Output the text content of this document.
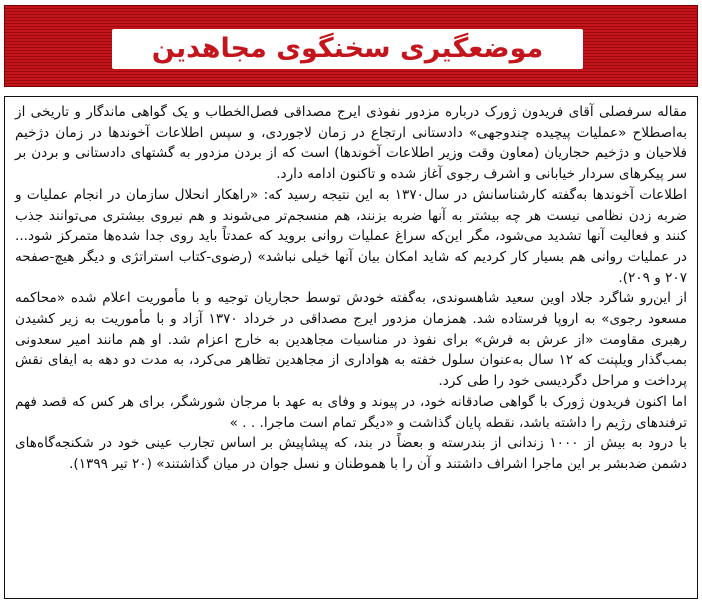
موضعگیری سخنگوی مجاهدین

مقاله سرفصلی آقای فریدون ژورک درباره مزدور نفوذی ایرج مصداقی فصل‌الخطاب و یک گواهی ماندگار و تاریخی از به‌اصطلاح «عملیات پیچیده چندوجهی» دادستانی ارتجاع در زمان لاجوردی، و سپس اطلاعات آخوندها در زمان دژخیم فلاحیان و دژخیم حجاریان (معاون وقت وزیر اطلاعات آخوندها) است که از بردن مزدور به گشتهای دادستانی و بردن بر سر پیکرهای سردار خیابانی و اشرف رجوی آغاز شده و تاکنون ادامه دارد.

اطلاعات آخوندها به‌گفته کارشناسانش در سال۱۳۷۰ به این نتیجه رسید که: «راهکار انحلال سازمان در انجام عملیات و ضربه زدن نظامی نیست هر چه بیشتر به آنها ضربه بزنند، هم منسجم‌تر می‌شوند و هم نیروی بیشتری می‌توانند جذب کنند و فعالیت آنها تشدید می‌شود، مگر این‌که سراغ عملیات روانی بروید که عمدتاً باید روی جدا شده‌ها متمرکز شود... در عملیات روانی هم بسیار کار کردیم که شاید امکان بیان آنها خیلی نباشد» (رضوی-کتاب استراتژی و دیگر هیچ-صفحه ۲۰۷ و ۲۰۹).

از این‌رو شاگرد جلاد اوین سعید شاهسوندی، به‌گفته خودش توسط حجاریان توجیه و با مأموریت اعلام شده «محاکمه مسعود رجوی» به اروپا فرستاده شد. همزمان مزدور ایرج مصداقی در خرداد ۱۳۷۰ آزاد و با مأموریت به زیر کشیدن رهبری مقاومت «از عرش به فرش» برای نفوذ در مناسبات مجاهدین به خارج اعزام شد. او هم مانند امیر سعدونی بمب‌گذار ویلپنت که ۱۲ سال به‌عنوان سلول خفته به هواداری از مجاهدین تظاهر می‌کرد، به مدت دو دهه به ایفای نقش پرداخت و مراحل دگردیسی خود را طی کرد.

اما اکنون فریدون ژورک با گواهی صادقانه خود، در پیوند و وفای به عهد با مرجان شورشگر، برای هر کس که قصد فهم ترفندهای رژیم را داشته باشد، نقطه پایان گذاشت و «دیگر تمام است ماجرا. . . »

با درود به بیش از ۱۰۰۰ زندانی از بندرسته و بعضاً در بند، که پیشاپیش بر اساس تجارب عینی خود در شکنجه‌گاه‌های دشمن ضدبشر بر این ماجرا اشراف داشتند و آن را با هموطنان و نسل جوان در میان گذاشتند» (۲۰ تیر ۱۳۹۹).
